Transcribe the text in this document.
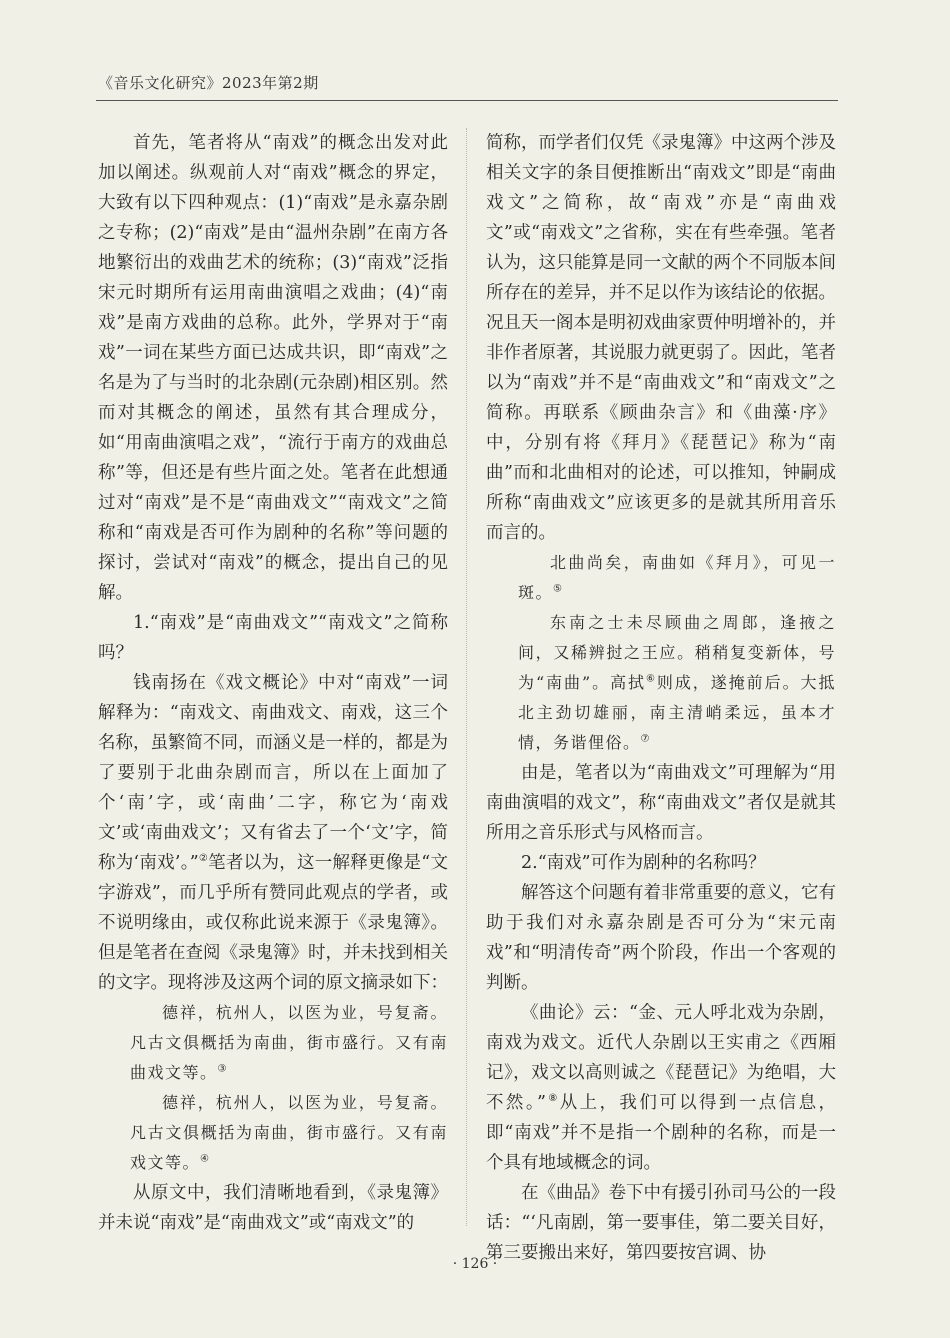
《音乐文化研究》2023年第2期

首先，笔者将从“南戏”的概念出发对此加以阐述。纵观前人对“南戏”概念的界定，大致有以下四种观点：(1)“南戏”是永嘉杂剧之专称；(2)“南戏”是由“温州杂剧”在南方各地繁衍出的戏曲艺术的统称；(3)“南戏”泛指宋元时期所有运用南曲演唱之戏曲；(4)“南戏”是南方戏曲的总称。此外，学界对于“南戏”一词在某些方面已达成共识，即“南戏”之名是为了与当时的北杂剧(元杂剧)相区别。然而对其概念的阐述，虽然有其合理成分，如“用南曲演唱之戏”，“流行于南方的戏曲总称”等，但还是有些片面之处。笔者在此想通过对“南戏”是不是“南曲戏文”“南戏文”之简称和“南戏是否可作为剧种的名称”等问题的探讨，尝试对“南戏”的概念，提出自己的见解。

1.“南戏”是“南曲戏文”“南戏文”之简称吗？

钱南扬在《戏文概论》中对“南戏”一词解释为：“南戏文、南曲戏文、南戏，这三个名称，虽繁简不同，而涵义是一样的，都是为了要别于北曲杂剧而言，所以在上面加了个‘南’字，或‘南曲’二字，称它为‘南戏文’或‘南曲戏文’；又有省去了一个‘文’字，简称为‘南戏’。”②笔者以为，这一解释更像是“文字游戏”，而几乎所有赞同此观点的学者，或不说明缘由，或仅称此说来源于《录鬼簿》。但是笔者在查阅《录鬼簿》时，并未找到相关的文字。现将涉及这两个词的原文摘录如下：

德祥，杭州人，以医为业，号复斋。凡古文俱概括为南曲，街市盛行。又有南曲戏文等。③

德祥，杭州人，以医为业，号复斋。凡古文俱概括为南曲，街市盛行。又有南戏文等。④

从原文中，我们清晰地看到，《录鬼簿》并未说“南戏”是“南曲戏文”或“南戏文”的

简称，而学者们仅凭《录鬼簿》中这两个涉及相关文字的条目便推断出“南戏文”即是“南曲戏文”之简称，故“南戏”亦是“南曲戏文”或“南戏文”之省称，实在有些牵强。笔者认为，这只能算是同一文献的两个不同版本间所存在的差异，并不足以作为该结论的依据。况且天一阁本是明初戏曲家贾仲明增补的，并非作者原著，其说服力就更弱了。因此，笔者以为“南戏”并不是“南曲戏文”和“南戏文”之简称。再联系《顾曲杂言》和《曲藻·序》中，分别有将《拜月》《琵琶记》称为“南曲”而和北曲相对的论述，可以推知，钟嗣成所称“南曲戏文”应该更多的是就其所用音乐而言的。

北曲尚矣，南曲如《拜月》，可见一斑。⑤

东南之士未尽顾曲之周郎，逢掖之间，又稀辨挝之王应。稍稍复变新体，号为“南曲”。高拭⑥则成，遂掩前后。大抵北主劲切雄丽，南主清峭柔远，虽本才情，务谐俚俗。⑦

由是，笔者以为“南曲戏文”可理解为“用南曲演唱的戏文”，称“南曲戏文”者仅是就其所用之音乐形式与风格而言。

2.“南戏”可作为剧种的名称吗？

解答这个问题有着非常重要的意义，它有助于我们对永嘉杂剧是否可分为“宋元南戏”和“明清传奇”两个阶段，作出一个客观的判断。

《曲论》云：“金、元人呼北戏为杂剧，南戏为戏文。近代人杂剧以王实甫之《西厢记》，戏文以高则诚之《琵琶记》为绝唱，大不然。”⑧从上，我们可以得到一点信息，即“南戏”并不是指一个剧种的名称，而是一个具有地域概念的词。

在《曲品》卷下中有援引孙司马公的一段话：“‘凡南剧，第一要事佳，第二要关目好，第三要搬出来好，第四要按宫调、协

· 126 ·
